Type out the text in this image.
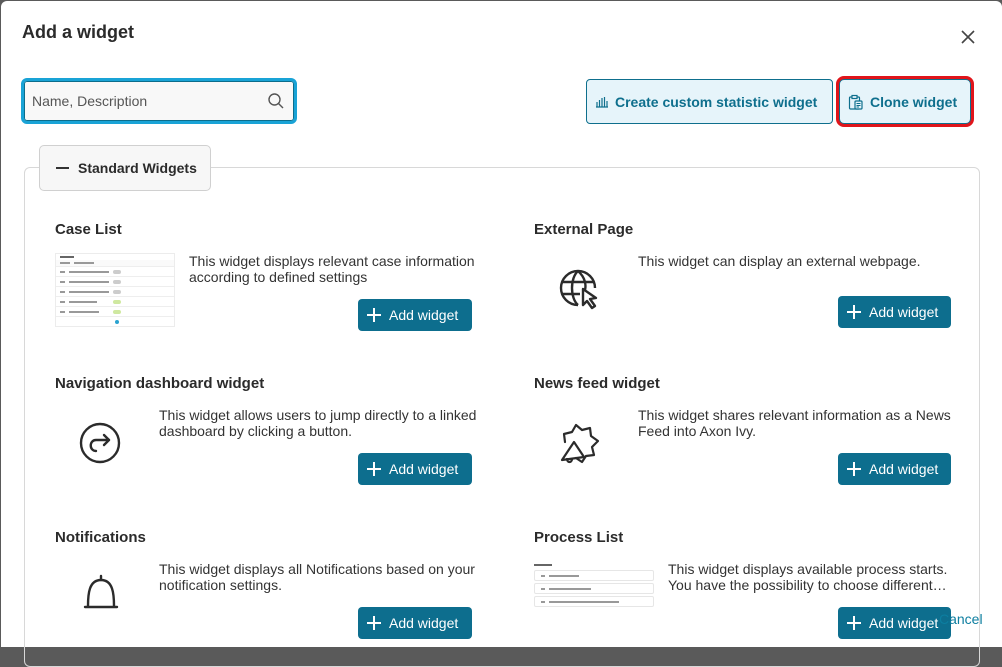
Add a widget
Name, Description
Create custom statistic widget	Clone widget
Standard Widgets
Case List
This widget displays relevant case information according to defined settings
Add widget
External Page
This widget can display an external webpage.
Add widget
Navigation dashboard widget
This widget allows users to jump directly to a linked dashboard by clicking a button.
Add widget
News feed widget
This widget shares relevant information as a News Feed into Axon Ivy.
Add widget
Notifications
This widget displays all Notifications based on your notification settings.
Add widget
Process List
This widget displays available process starts. You have the possibility to choose different…
Add widget Cancel
